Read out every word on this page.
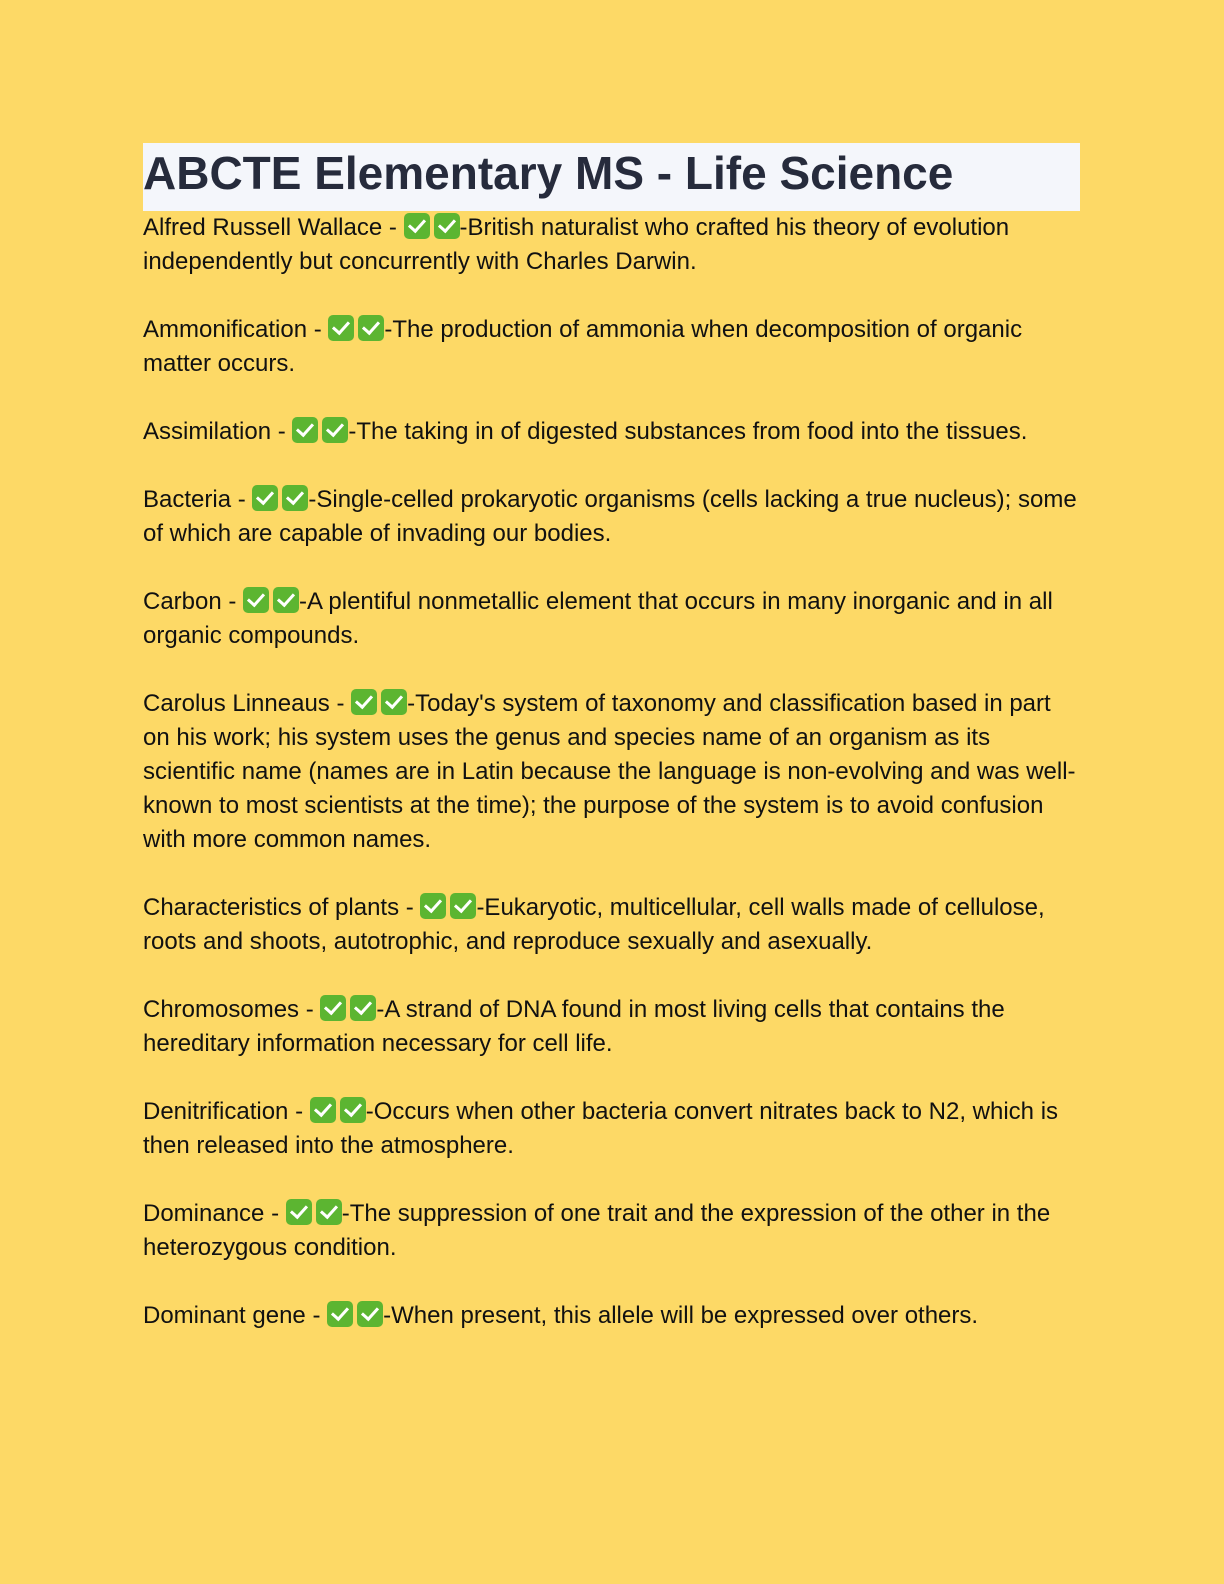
ABCTE Elementary MS - Life Science

Alfred Russell Wallace - -British naturalist who crafted his theory of evolution independently but concurrently with Charles Darwin.

Ammonification - -The production of ammonia when decomposition of organic matter occurs.

Assimilation - -The taking in of digested substances from food into the tissues.

Bacteria - -Single-celled prokaryotic organisms (cells lacking a true nucleus); some of which are capable of invading our bodies.

Carbon - -A plentiful nonmetallic element that occurs in many inorganic and in all organic compounds.

Carolus Linneaus - -Today's system of taxonomy and classification based in part on his work; his system uses the genus and species name of an organism as its scientific name (names are in Latin because the language is non-evolving and was well-known to most scientists at the time); the purpose of the system is to avoid confusion with more common names.

Characteristics of plants - -Eukaryotic, multicellular, cell walls made of cellulose, roots and shoots, autotrophic, and reproduce sexually and asexually.

Chromosomes - -A strand of DNA found in most living cells that contains the hereditary information necessary for cell life.

Denitrification - -Occurs when other bacteria convert nitrates back to N2, which is then released into the atmosphere.

Dominance - -The suppression of one trait and the expression of the other in the heterozygous condition.

Dominant gene - -When present, this allele will be expressed over others.
